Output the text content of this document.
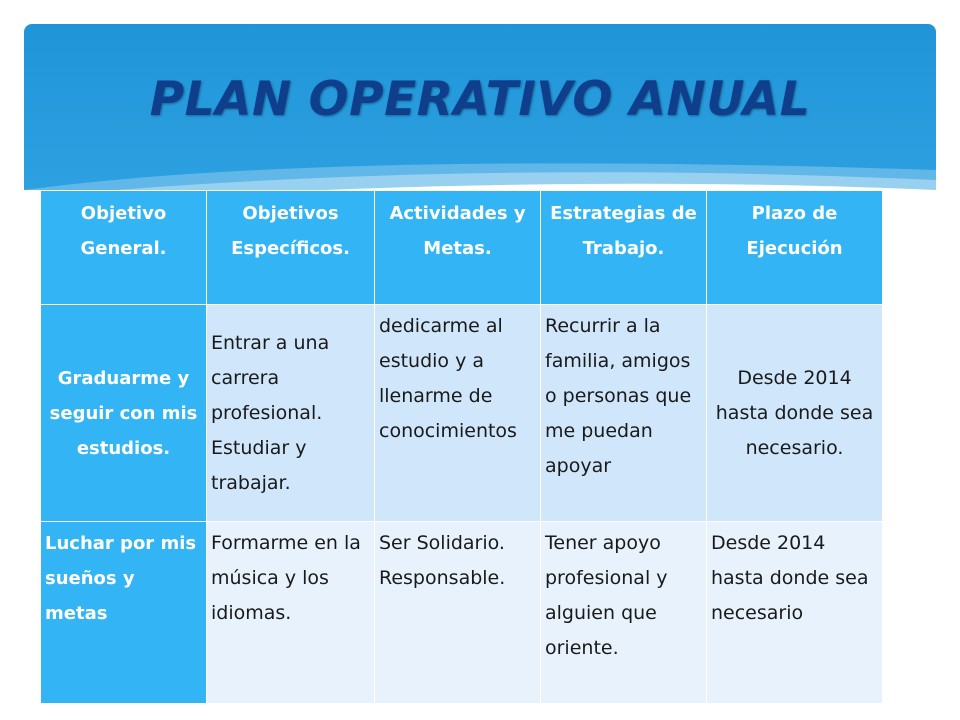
PLAN OPERATIVO ANUAL
Objetivo General.	Objetivos Específicos.	Actividades y Metas.	Estrategias de Trabajo.	Plazo de Ejecución
Graduarme y seguir con mis estudios.	Entrar a una carrera profesional. Estudiar y trabajar.	dedicarme al estudio y a llenarme de conocimientos	Recurrir a la familia, amigos o personas que me puedan apoyar	Desde 2014 hasta donde sea necesario.
Luchar por mis sueños y metas	Formarme en la música y los idiomas.	Ser Solidario. Responsable.	Tener apoyo profesional y alguien que oriente.	Desde 2014 hasta donde sea necesario
